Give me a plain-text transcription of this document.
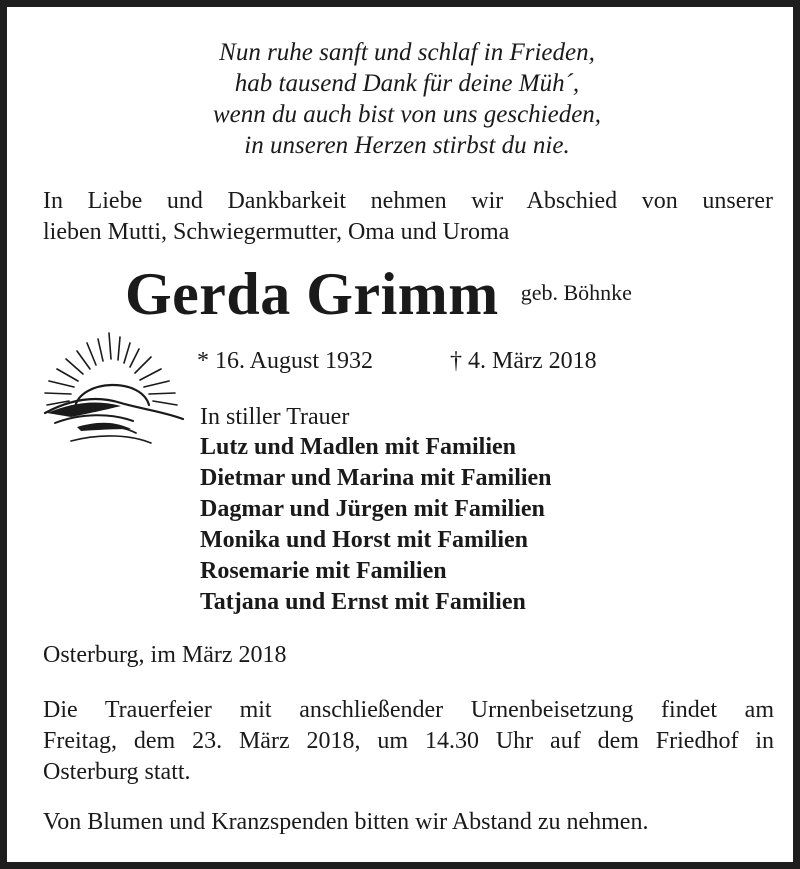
Nun ruhe sanft und schlaf in Frieden,
hab tausend Dank für deine Müh´,
wenn du auch bist von uns geschieden,
in unseren Herzen stirbst du nie.
In Liebe und Dankbarkeit nehmen wir Abschied von unserer
lieben Mutti, Schwiegermutter, Oma und Uroma
Gerda Grimm geb. Böhnke
* 16. August 1932	† 4. März 2018
In stiller Trauer
Lutz und Madlen mit Familien
Dietmar und Marina mit Familien
Dagmar und Jürgen mit Familien
Monika und Horst mit Familien
Rosemarie mit Familien
Tatjana und Ernst mit Familien
Osterburg, im März 2018
Die Trauerfeier mit anschließender Urnenbeisetzung findet am
Freitag, dem 23. März 2018, um 14.30 Uhr auf dem Friedhof in
Osterburg statt.
Von Blumen und Kranzspenden bitten wir Abstand zu nehmen.
